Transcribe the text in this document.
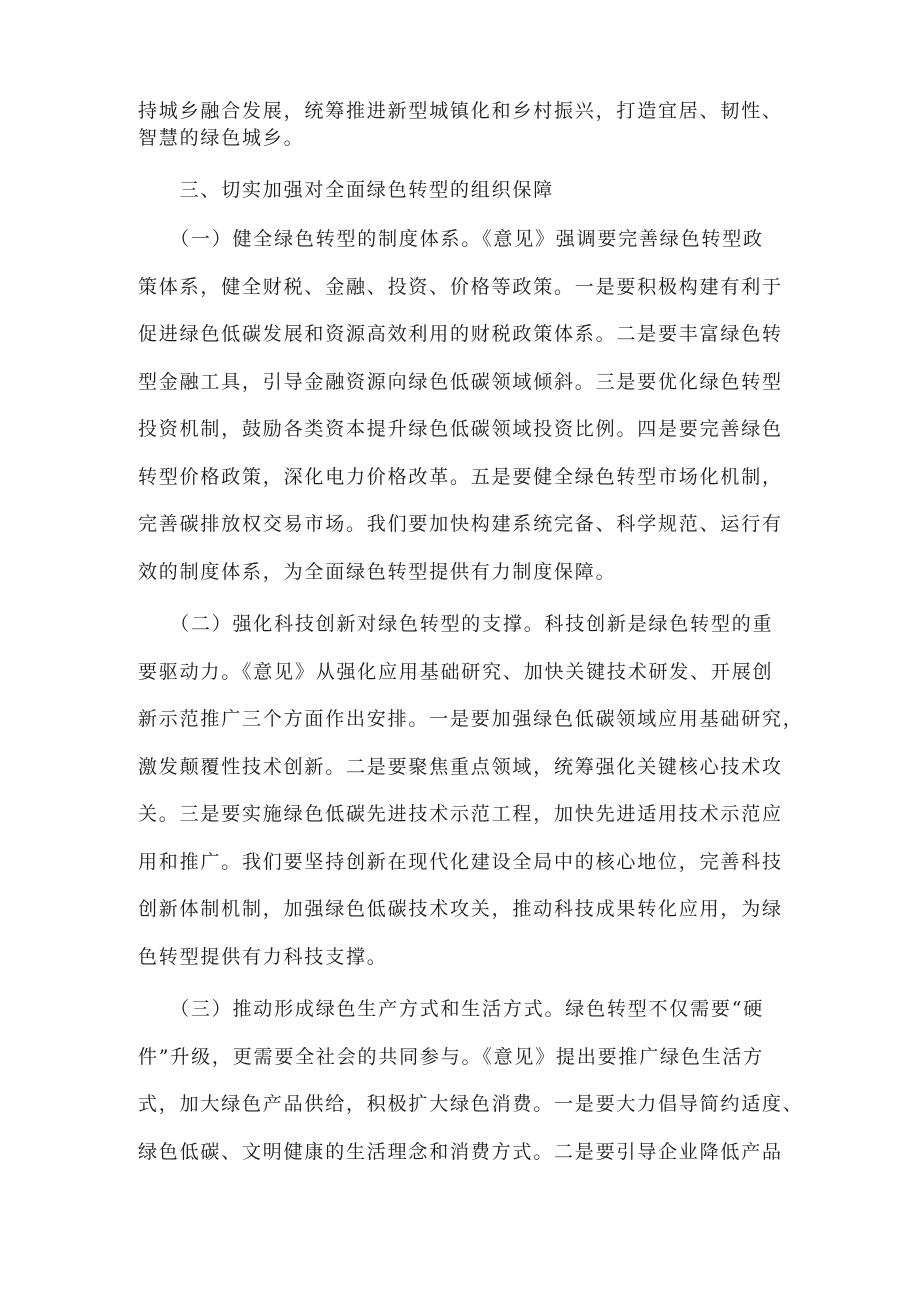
持城乡融合发展，统筹推进新型城镇化和乡村振兴，打造宜居、韧性、
智慧的绿色城乡。
　　三、切实加强对全面绿色转型的组织保障
　　（一）健全绿色转型的制度体系。《意见》强调要完善绿色转型政
策体系，健全财税、金融、投资、价格等政策。一是要积极构建有利于
促进绿色低碳发展和资源高效利用的财税政策体系。二是要丰富绿色转
型金融工具，引导金融资源向绿色低碳领域倾斜。三是要优化绿色转型
投资机制，鼓励各类资本提升绿色低碳领域投资比例。四是要完善绿色
转型价格政策，深化电力价格改革。五是要健全绿色转型市场化机制，
完善碳排放权交易市场。我们要加快构建系统完备、科学规范、运行有
效的制度体系，为全面绿色转型提供有力制度保障。
　　（二）强化科技创新对绿色转型的支撑。科技创新是绿色转型的重
要驱动力。《意见》从强化应用基础研究、加快关键技术研发、开展创
新示范推广三个方面作出安排。一是要加强绿色低碳领域应用基础研究，
激发颠覆性技术创新。二是要聚焦重点领域，统筹强化关键核心技术攻
关。三是要实施绿色低碳先进技术示范工程，加快先进适用技术示范应
用和推广。我们要坚持创新在现代化建设全局中的核心地位，完善科技
创新体制机制，加强绿色低碳技术攻关，推动科技成果转化应用，为绿
色转型提供有力科技支撑。
　　（三）推动形成绿色生产方式和生活方式。绿色转型不仅需要“硬
件”升级，更需要全社会的共同参与。《意见》提出要推广绿色生活方
式，加大绿色产品供给，积极扩大绿色消费。一是要大力倡导简约适度、
绿色低碳、文明健康的生活理念和消费方式。二是要引导企业降低产品
